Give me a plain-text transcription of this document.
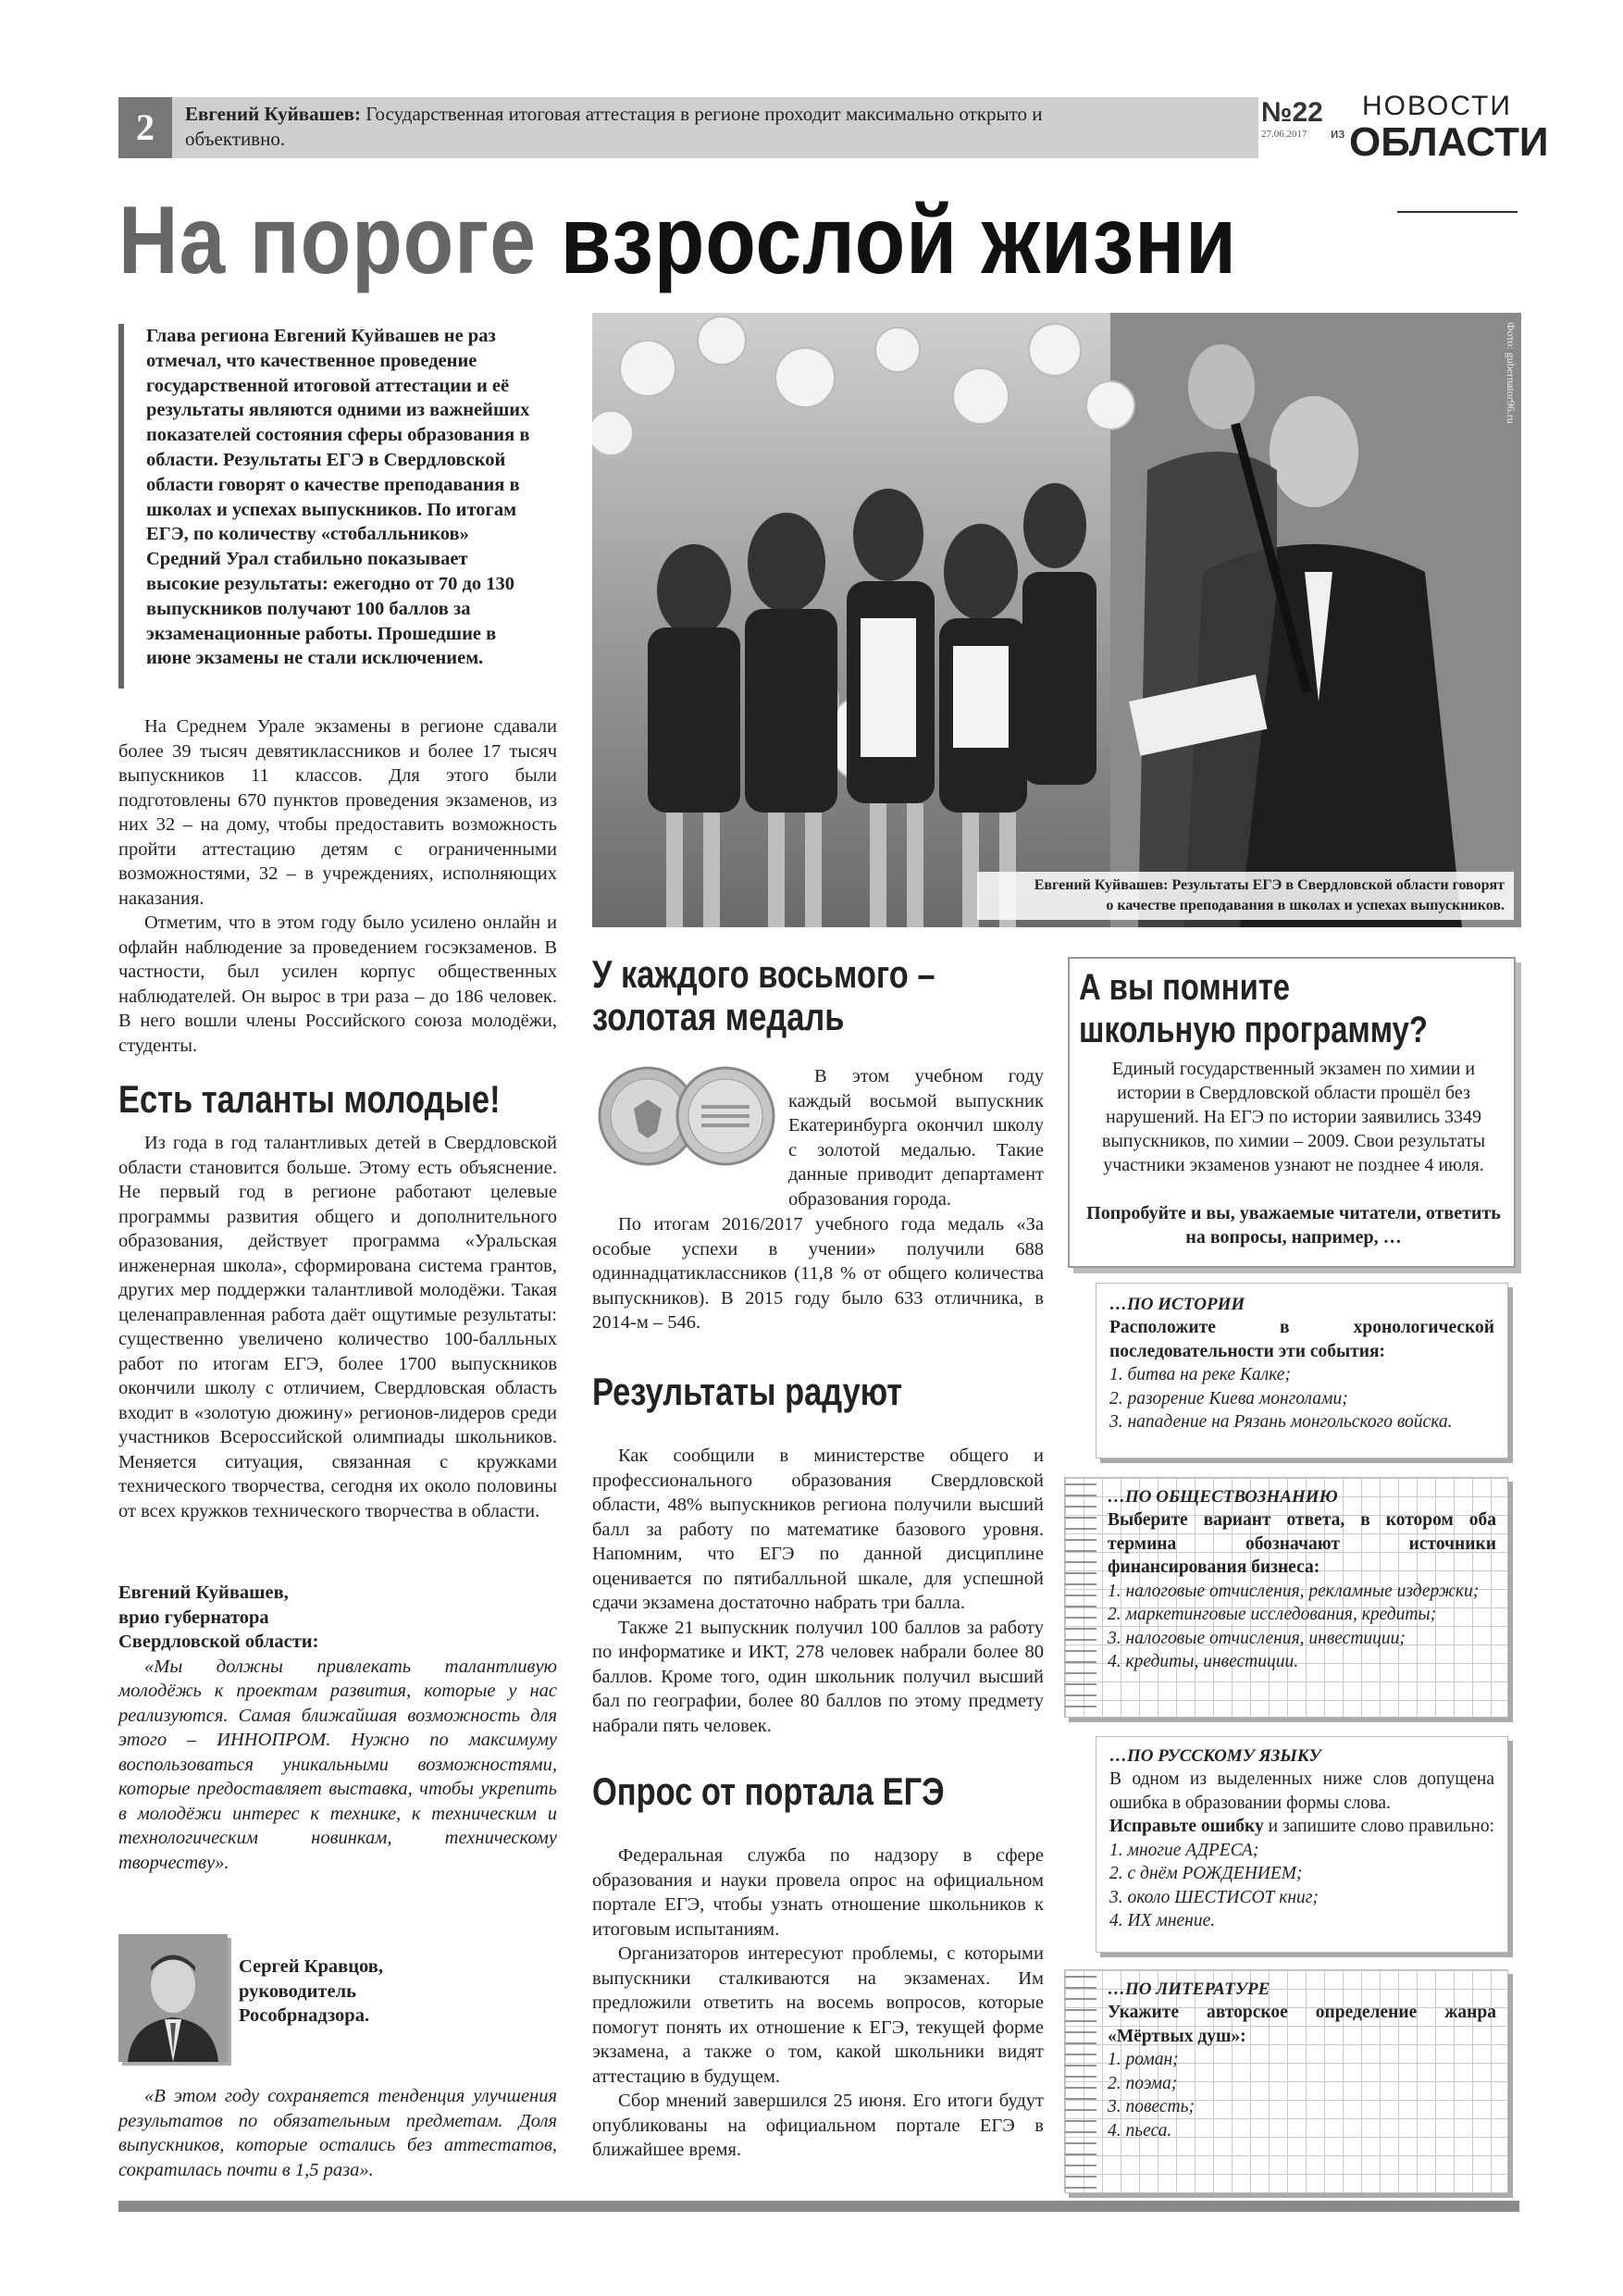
2	Евгений Куйвашев: Государственная итоговая аттестация в регионе проходит максимально открыто и объективно.
№22
27.06.2017
НОВОСТИ
из ОБЛАСТИ
На пороге взрослой жизни

Глава региона Евгений Куйвашев не раз отмечал, что качественное проведение государственной итоговой аттестации и её результаты являются одними из важнейших показателей состояния сферы образования в области. Результаты ЕГЭ в Свердловской области говорят о качестве преподавания в школах и успехах выпускников. По итогам ЕГЭ, по количеству «стобалльников» Средний Урал стабильно показывает высокие результаты: ежегодно от 70 до 130 выпускников получают 100 баллов за экзаменационные работы. Прошедшие в июне экзамены не стали исключением.

На Среднем Урале экзамены в регионе сдавали более 39 тысяч девятиклассников и более 17 тысяч выпускников 11 классов. Для этого были подготовлены 670 пунктов проведения экзаменов, из них 32 – на дому, чтобы предоставить возможность пройти аттестацию детям с ограниченными возможностями, 32 – в учреждениях, исполняющих наказания.

Отметим, что в этом году было усилено онлайн и офлайн наблюдение за проведением госэкзаменов. В частности, был усилен корпус общественных наблюдателей. Он вырос в три раза – до 186 человек. В него вошли члены Российского союза молодёжи, студенты.

Есть таланты молодые!

Из года в год талантливых детей в Свердловской области становится больше. Этому есть объяснение. Не первый год в регионе работают целевые программы развития общего и дополнительного образования, действует программа «Уральская инженерная школа», сформирована система грантов, других мер поддержки талантливой молодёжи. Такая целенаправленная работа даёт ощутимые результаты: существенно увеличено количество 100-балльных работ по итогам ЕГЭ, более 1700 выпускников окончили школу с отличием, Свердловская область входит в «золотую дюжину» регионов-лидеров среди участников Всероссийской олимпиады школьников. Меняется ситуация, связанная с кружками технического творчества, сегодня их около половины от всех кружков технического творчества в области.

Евгений Куйвашев,

врио губернатора

Свердловской области:

«Мы должны привлекать талантливую молодёжь к проектам развития, которые у нас реализуются. Самая ближайшая возможность для этого – ИННОПРОМ. Нужно по максимуму воспользоваться уникальными возможностями, которые предоставляет выставка, чтобы укрепить в молодёжи интерес к технике, к техническим и технологическим новинкам, техническому творчеству».

Сергей Кравцов,

руководитель

Рособрнадзора.

«В этом году сохраняется тенденция улучшения результатов по обязательным предметам. Доля выпускников, которые остались без аттестатов, сократилась почти в 1,5 раза».

Фото: gubernator96.ru
Евгений Куйвашев: Результаты ЕГЭ в Свердловской области говорят
о качестве преподавания в школах и успехах выпускников.
У каждого восьмого –
золотая медаль

В этом учебном году каждый восьмой выпускник Екатеринбурга окончил школу с золотой медалью. Такие данные приводит департамент образования города.

По итогам 2016/2017 учебного года медаль «За особые успехи в учении» получили 688 одиннадцатиклассников (11,8 % от общего количества выпускников). В 2015 году было 633 отличника, в 2014-м – 546.

Результаты радуют

Как сообщили в министерстве общего и профессионального образования Свердловской области, 48% выпускников региона получили высший балл за работу по математике базового уровня. Напомним, что ЕГЭ по данной дисциплине оценивается по пятибалльной шкале, для успешной сдачи экзамена достаточно набрать три балла.

Также 21 выпускник получил 100 баллов за работу по информатике и ИКТ, 278 человек набрали более 80 баллов. Кроме того, один школьник получил высший бал по географии, более 80 баллов по этому предмету набрали пять человек.

Опрос от портала ЕГЭ

Федеральная служба по надзору в сфере образования и науки провела опрос на официальном портале ЕГЭ, чтобы узнать отношение школьников к итоговым испытаниям.

Организаторов интересуют проблемы, с которыми выпускники сталкиваются на экзаменах. Им предложили ответить на восемь вопросов, которые помогут понять их отношение к ЕГЭ, текущей форме экзамена, а также о том, какой школьники видят аттестацию в будущем.

Сбор мнений завершился 25 июня. Его итоги будут опубликованы на официальном портале ЕГЭ в ближайшее время.

А вы помните
школьную программу?

Единый государственный экзамен по химии и истории в Свердловской области прошёл без нарушений. На ЕГЭ по истории заявились 3349 выпускников, по химии – 2009. Свои результаты участники экзаменов узнают не позднее 4 июля.

Попробуйте и вы, уважаемые читатели, ответить на вопросы, например, …

…ПО ИСТОРИИ

Расположите в хронологической последовательности эти события:

1. битва на реке Калке;

2. разорение Киева монголами;

3. нападение на Рязань монгольского войска.

…ПО ОБЩЕСТВОЗНАНИЮ

Выберите вариант ответа, в котором оба термина обозначают источники финансирования бизнеса:

1. налоговые отчисления, рекламные издержки;

2. маркетинговые исследования, кредиты;

3. налоговые отчисления, инвестиции;

4. кредиты, инвестиции.

…ПО РУССКОМУ ЯЗЫКУ

В одном из выделенных ниже слов допущена ошибка в образовании формы слова.

Исправьте ошибку и запишите слово правильно:

1. многие АДРЕСА;

2. с днём РОЖДЕНИЕМ;

3. около ШЕСТИСОТ книг;

4. ИХ мнение.

…ПО ЛИТЕРАТУРЕ

Укажите авторское определение жанра «Мёртвых душ»:

1. роман;

2. поэма;

3. повесть;

4. пьеса.
